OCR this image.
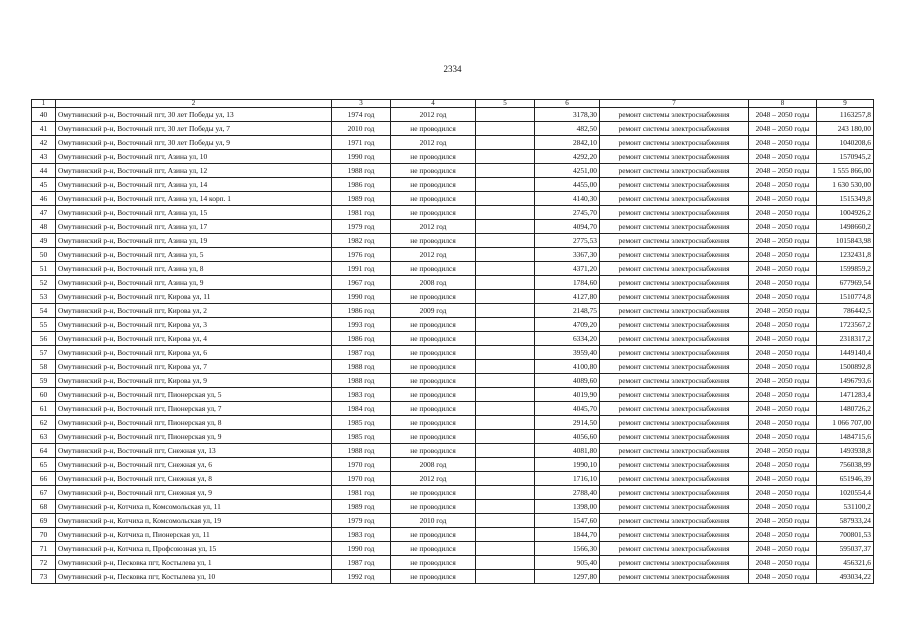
2334
1	2	3	4	5	6	7	8	9
40	Омутнинский р-н, Восточный пгт, 30 лет Победы ул, 13	1974 год	2012 год		3178,30	ремонт системы электроснабжения	2048 – 2050 годы	1163257,8
41	Омутнинский р-н, Восточный пгт, 30 лет Победы ул, 7	2010 год	не проводился		482,50	ремонт системы электроснабжения	2048 – 2050 годы	243 180,00
42	Омутнинский р-н, Восточный пгт, 30 лет Победы ул, 9	1971 год	2012 год		2842,10	ремонт системы электроснабжения	2048 – 2050 годы	1040208,6
43	Омутнинский р-н, Восточный пгт, Азина ул, 10	1990 год	не проводился		4292,20	ремонт системы электроснабжения	2048 – 2050 годы	1570945,2
44	Омутнинский р-н, Восточный пгт, Азина ул, 12	1988 год	не проводился		4251,00	ремонт системы электроснабжения	2048 – 2050 годы	1 555 866,00
45	Омутнинский р-н, Восточный пгт, Азина ул, 14	1986 год	не проводился		4455,00	ремонт системы электроснабжения	2048 – 2050 годы	1 630 530,00
46	Омутнинский р-н, Восточный пгт, Азина ул, 14 корп. 1	1989 год	не проводился		4140,30	ремонт системы электроснабжения	2048 – 2050 годы	1515349,8
47	Омутнинский р-н, Восточный пгт, Азина ул, 15	1981 год	не проводился		2745,70	ремонт системы электроснабжения	2048 – 2050 годы	1004926,2
48	Омутнинский р-н, Восточный пгт, Азина ул, 17	1979 год	2012 год		4094,70	ремонт системы электроснабжения	2048 – 2050 годы	1498660,2
49	Омутнинский р-н, Восточный пгт, Азина ул, 19	1982 год	не проводился		2775,53	ремонт системы электроснабжения	2048 – 2050 годы	1015843,98
50	Омутнинский р-н, Восточный пгт, Азина ул, 5	1976 год	2012 год		3367,30	ремонт системы электроснабжения	2048 – 2050 годы	1232431,8
51	Омутнинский р-н, Восточный пгт, Азина ул, 8	1991 год	не проводился		4371,20	ремонт системы электроснабжения	2048 – 2050 годы	1599859,2
52	Омутнинский р-н, Восточный пгт, Азина ул, 9	1967 год	2008 год		1784,60	ремонт системы электроснабжения	2048 – 2050 годы	677969,54
53	Омутнинский р-н, Восточный пгт, Кирова ул, 11	1990 год	не проводился		4127,80	ремонт системы электроснабжения	2048 – 2050 годы	1510774,8
54	Омутнинский р-н, Восточный пгт, Кирова ул, 2	1986 год	2009 год		2148,75	ремонт системы электроснабжения	2048 – 2050 годы	786442,5
55	Омутнинский р-н, Восточный пгт, Кирова ул, 3	1993 год	не проводился		4709,20	ремонт системы электроснабжения	2048 – 2050 годы	1723567,2
56	Омутнинский р-н, Восточный пгт, Кирова ул, 4	1986 год	не проводился		6334,20	ремонт системы электроснабжения	2048 – 2050 годы	2318317,2
57	Омутнинский р-н, Восточный пгт, Кирова ул, 6	1987 год	не проводился		3959,40	ремонт системы электроснабжения	2048 – 2050 годы	1449140,4
58	Омутнинский р-н, Восточный пгт, Кирова ул, 7	1988 год	не проводился		4100,80	ремонт системы электроснабжения	2048 – 2050 годы	1500892,8
59	Омутнинский р-н, Восточный пгт, Кирова ул, 9	1988 год	не проводился		4089,60	ремонт системы электроснабжения	2048 – 2050 годы	1496793,6
60	Омутнинский р-н, Восточный пгт, Пионерская ул, 5	1983 год	не проводился		4019,90	ремонт системы электроснабжения	2048 – 2050 годы	1471283,4
61	Омутнинский р-н, Восточный пгт, Пионерская ул, 7	1984 год	не проводился		4045,70	ремонт системы электроснабжения	2048 – 2050 годы	1480726,2
62	Омутнинский р-н, Восточный пгт, Пионерская ул, 8	1985 год	не проводился		2914,50	ремонт системы электроснабжения	2048 – 2050 годы	1 066 707,00
63	Омутнинский р-н, Восточный пгт, Пионерская ул, 9	1985 год	не проводился		4056,60	ремонт системы электроснабжения	2048 – 2050 годы	1484715,6
64	Омутнинский р-н, Восточный пгт, Снежная ул, 13	1988 год	не проводился		4081,80	ремонт системы электроснабжения	2048 – 2050 годы	1493938,8
65	Омутнинский р-н, Восточный пгт, Снежная ул, 6	1970 год	2008 год		1990,10	ремонт системы электроснабжения	2048 – 2050 годы	756038,99
66	Омутнинский р-н, Восточный пгт, Снежная ул, 8	1970 год	2012 год		1716,10	ремонт системы электроснабжения	2048 – 2050 годы	651946,39
67	Омутнинский р-н, Восточный пгт, Снежная ул, 9	1981 год	не проводился		2788,40	ремонт системы электроснабжения	2048 – 2050 годы	1020554,4
68	Омутнинский р-н, Котчиха п, Комсомольская ул, 11	1989 год	не проводился		1398,00	ремонт системы электроснабжения	2048 – 2050 годы	531100,2
69	Омутнинский р-н, Котчиха п, Комсомольская ул, 19	1979 год	2010 год		1547,60	ремонт системы электроснабжения	2048 – 2050 годы	587933,24
70	Омутнинский р-н, Котчиха п, Пионерская ул, 11	1983 год	не проводился		1844,70	ремонт системы электроснабжения	2048 – 2050 годы	700801,53
71	Омутнинский р-н, Котчиха п, Профсоюзная ул, 15	1990 год	не проводился		1566,30	ремонт системы электроснабжения	2048 – 2050 годы	595037,37
72	Омутнинский р-н, Песковка пгт, Костылева ул, 1	1987 год	не проводился		905,40	ремонт системы электроснабжения	2048 – 2050 годы	456321,6
73	Омутнинский р-н, Песковка пгт, Костылева ул, 10	1992 год	не проводился		1297,80	ремонт системы электроснабжения	2048 – 2050 годы	493034,22
